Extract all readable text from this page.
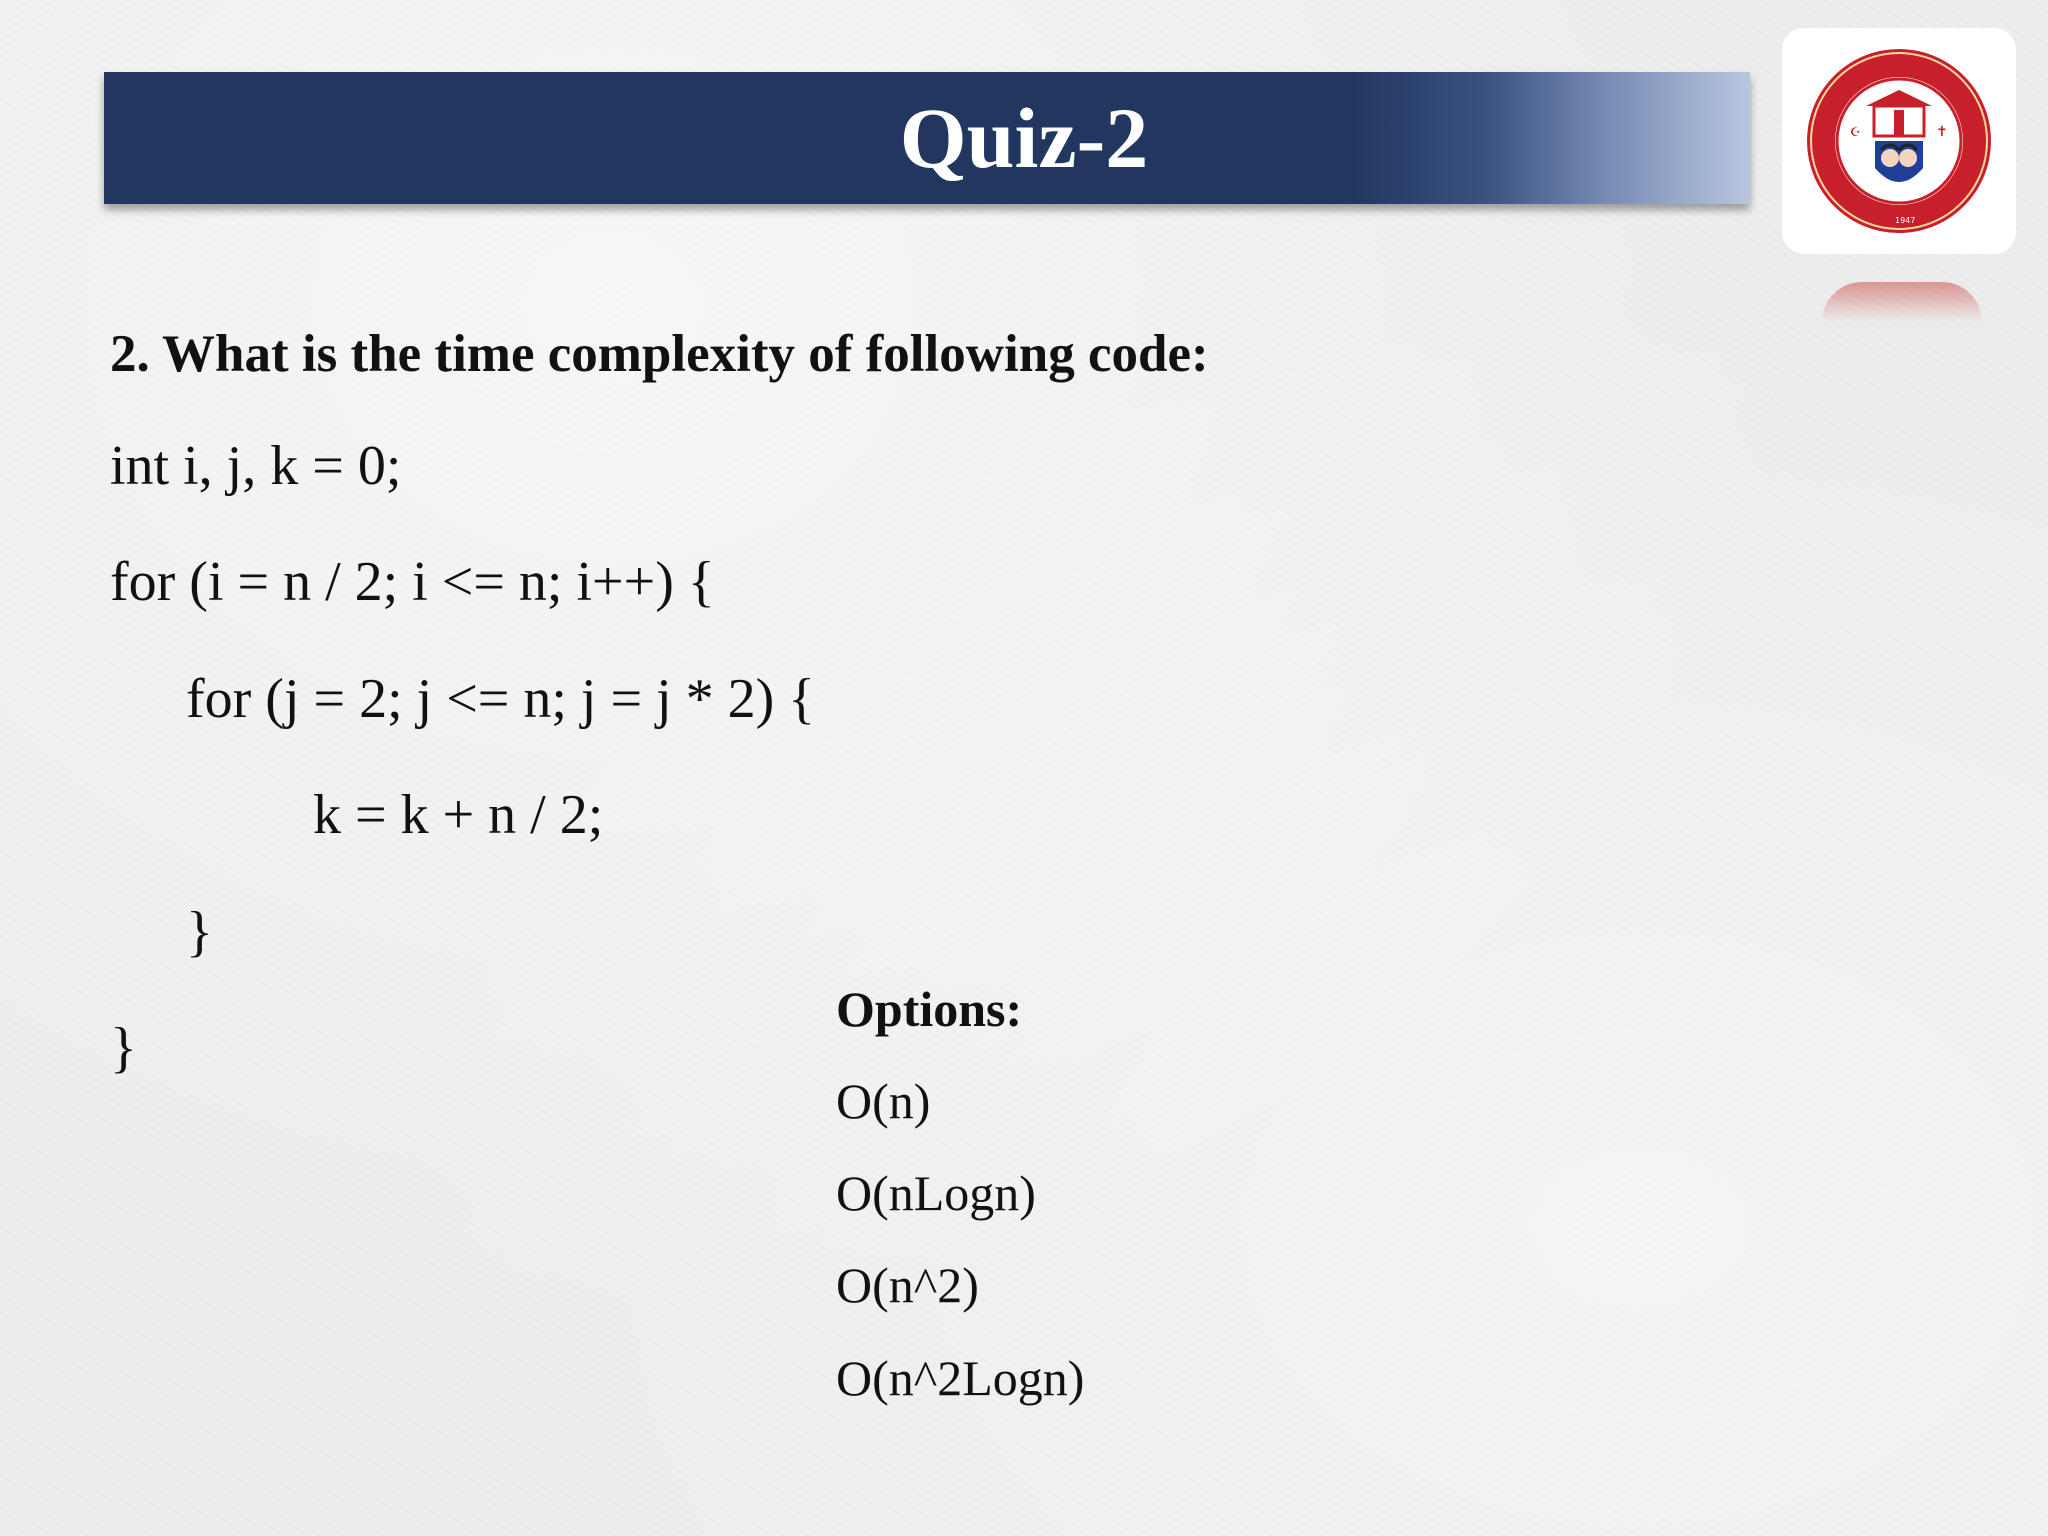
Quiz-2	☪	✝
1947
2. What is the time complexity of following code:
int i, j, k = 0;
for (i = n / 2; i <= n; i++) {
for (j = 2; j <= n; j = j * 2) {
k = k + n / 2;
}
}
Options:
O(n)
O(nLogn)
O(n^2)
O(n^2Logn)
